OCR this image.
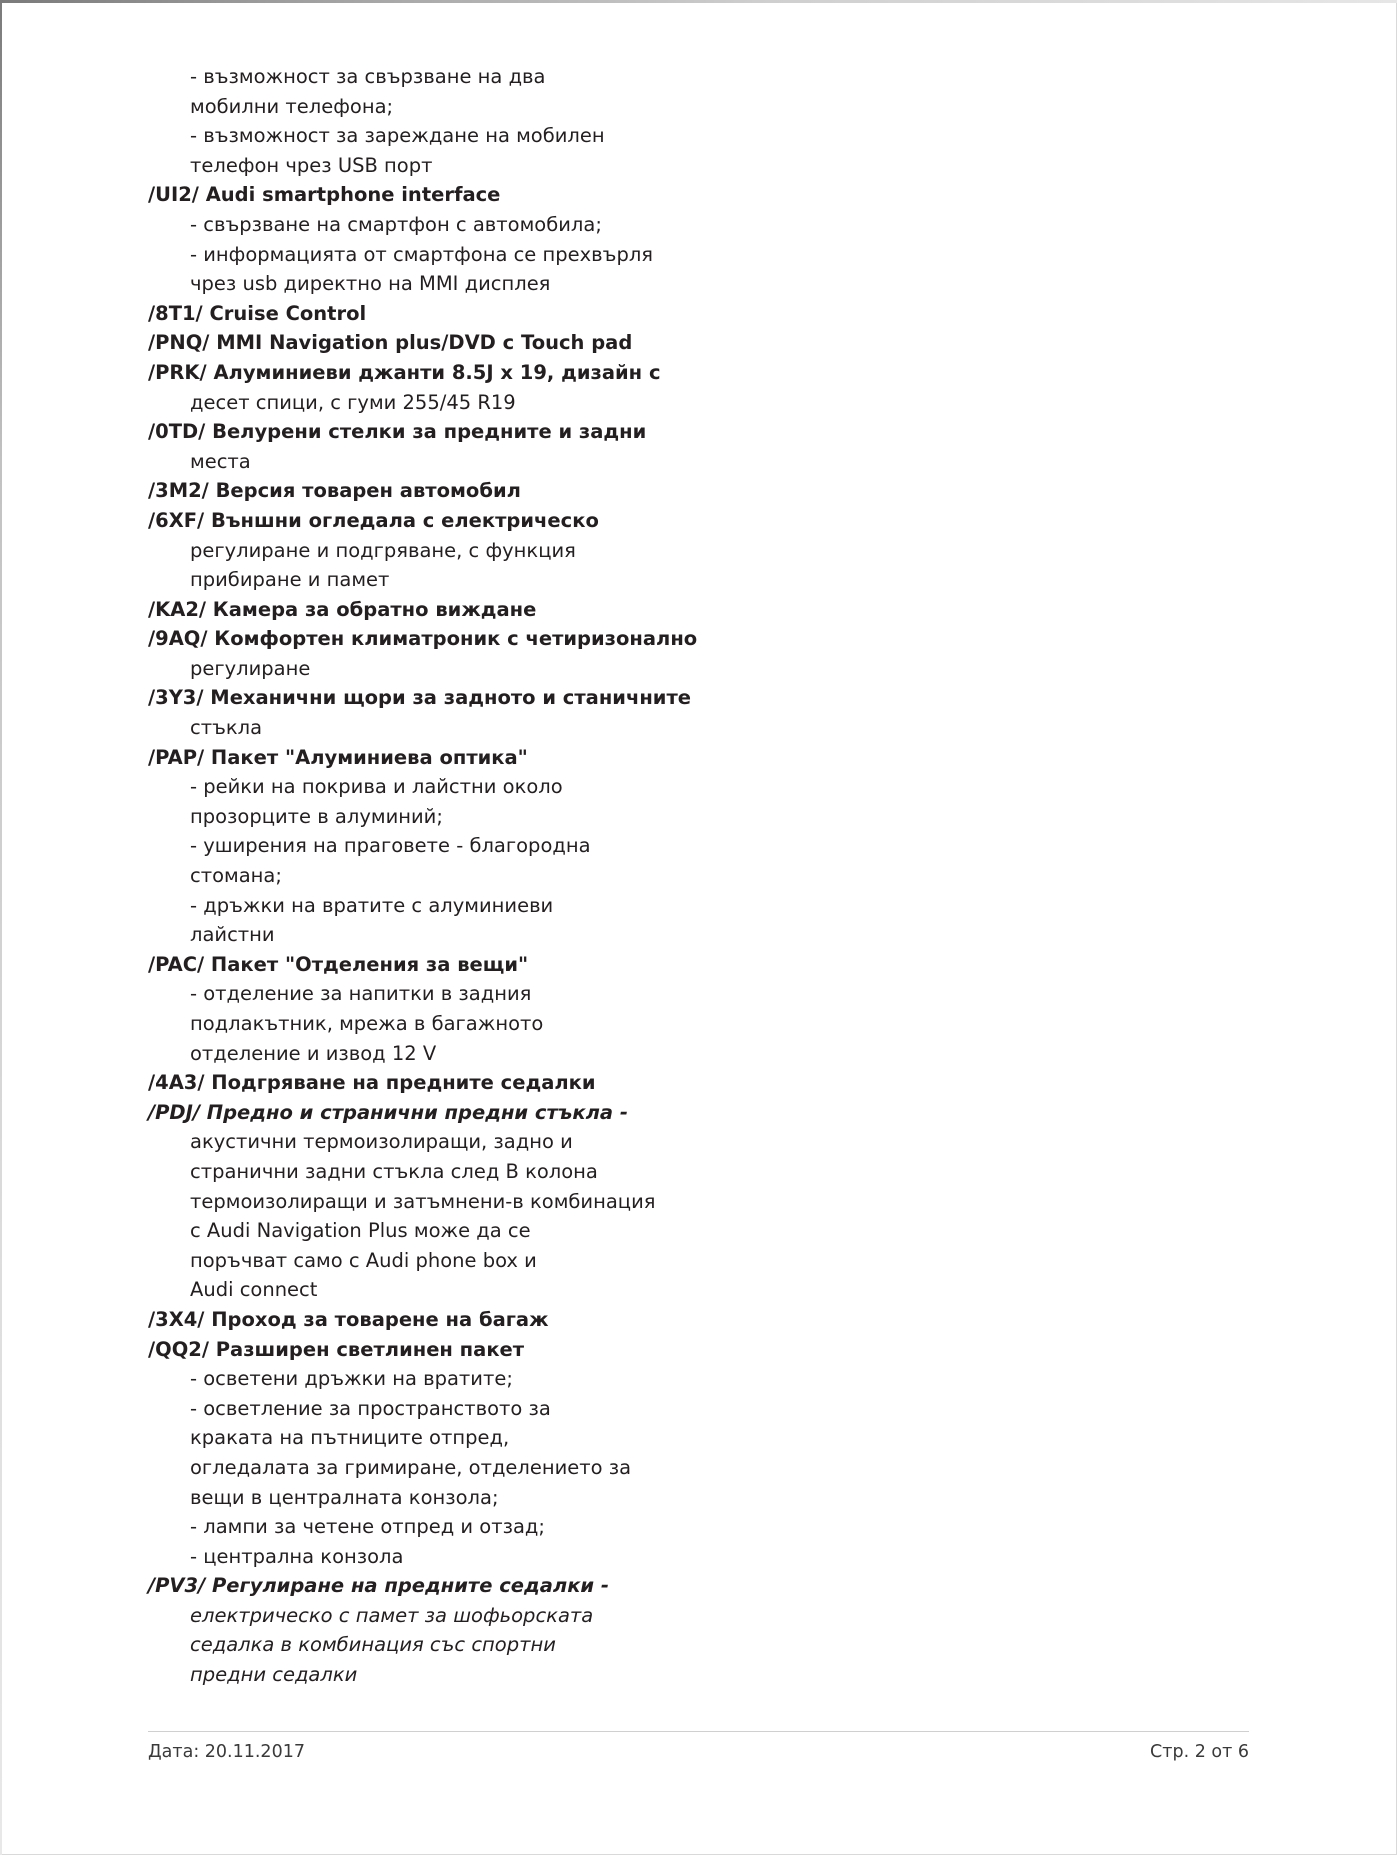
- възможност за свързване на два
мобилни телефона;
- възможност за зареждане на мобилен
телефон чрез USB порт
/UI2/ Audi smartphone interface
- свързване на смартфон с автомобила;
- информацията от смартфона се прехвърля
чрез usb директно на MMI дисплея
/8T1/ Cruise Control
/PNQ/ MMI Navigation plus/DVD c Touch pad
/PRK/ Алуминиеви джанти 8.5J x 19, дизайн с
десет спици, с гуми 255/45 R19
/0TD/ Велурени стелки за предните и задни
места
/3M2/ Версия товарен автомобил
/6XF/ Външни огледала с електрическо
регулиране и подгряване, с функция
прибиране и памет
/KA2/ Камера за обратно виждане
/9AQ/ Комфортен климатроник с четиризонално
регулиране
/3Y3/ Механични щори за задното и станичните
стъкла
/PAP/ Пакет "Алуминиева оптика"
- рейки на покрива и лайстни около
прозорците в алуминий;
- уширения на праговете - благородна
стомана;
- дръжки на вратите с алуминиеви
лайстни
/PAC/ Пакет "Отделения за вещи"
- отделение за напитки в задния
подлакътник, мрежа в багажното
отделение и извод 12 V
/4A3/ Подгряване на предните седалки
/PDJ/ Предно и странични предни стъкла -
акустични термоизолиращи, задно и
странични задни стъкла след В колона
термоизолиращи и затъмнени-в комбинация
с Audi Navigation Plus може да се
поръчват само с Audi phone box и
Audi connect
/3X4/ Проход за товарене на багаж
/QQ2/ Разширен светлинен пакет
- осветени дръжки на вратите;
- осветление за пространството за
краката на пътниците отпред,
огледалата за гримиране, отделението за
вещи в централната конзола;
- лампи за четене отпред и отзад;
- централна конзола
/PV3/ Регулиране на предните седалки -
електрическо с памет за шофьорската
седалка в комбинация със спортни
предни седалки
Дата: 20.11.2017	Стр. 2 от 6
